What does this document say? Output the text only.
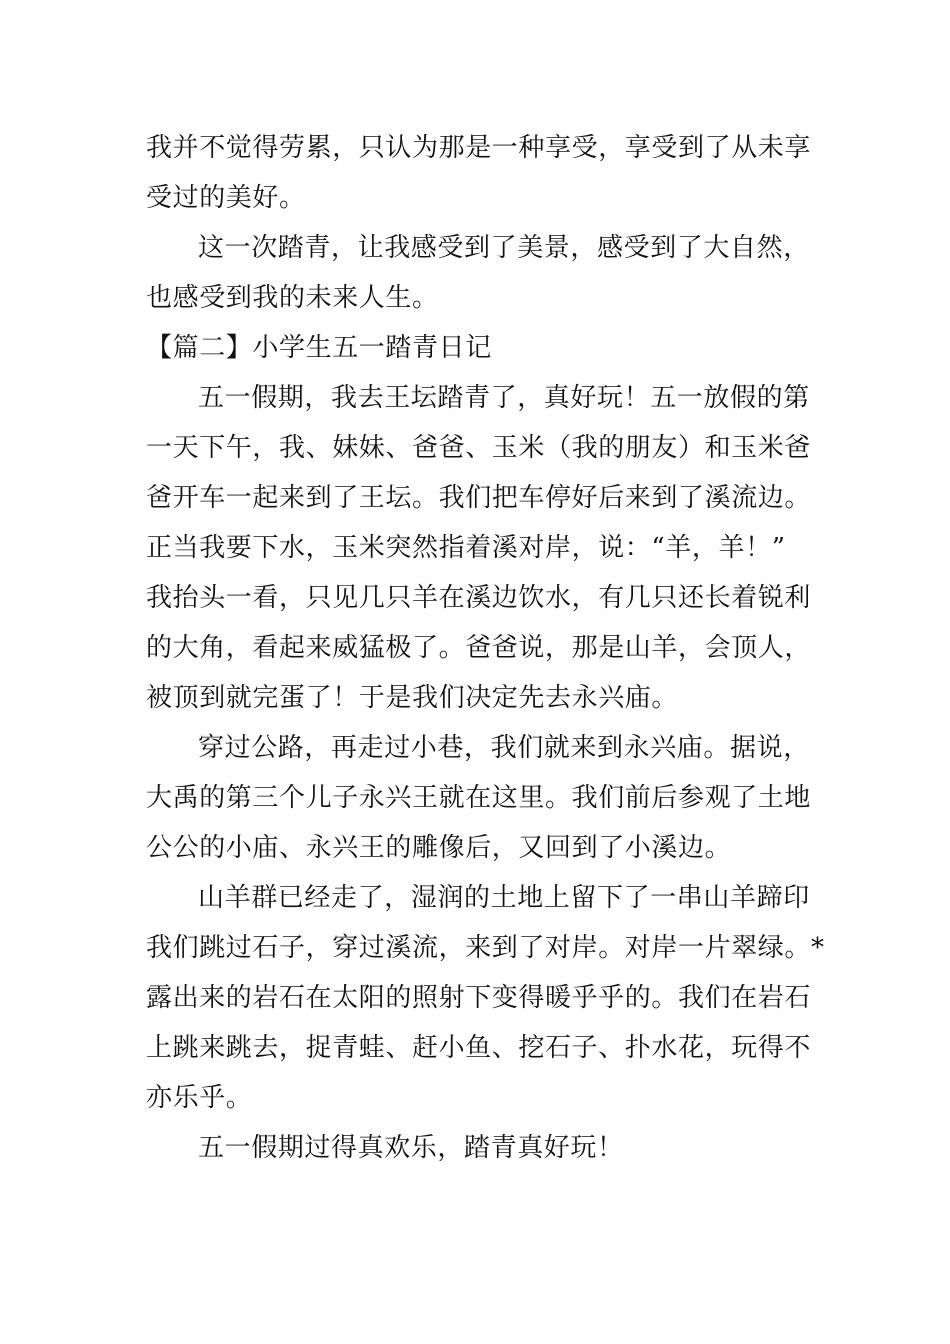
我并不觉得劳累，只认为那是一种享受，享受到了从未享
受过的美好。
这一次踏青，让我感受到了美景，感受到了大自然，
也感受到我的未来人生。
【篇二】小学生五一踏青日记
五一假期，我去王坛踏青了，真好玩！五一放假的第
一天下午，我、妹妹、爸爸、玉米（我的朋友）和玉米爸
爸开车一起来到了王坛。我们把车停好后来到了溪流边。
正当我要下水，玉米突然指着溪对岸，说：“羊，羊！”
我抬头一看，只见几只羊在溪边饮水，有几只还长着锐利
的大角，看起来威猛极了。爸爸说，那是山羊，会顶人，
被顶到就完蛋了！于是我们决定先去永兴庙。
穿过公路，再走过小巷，我们就来到永兴庙。据说，
大禹的第三个儿子永兴王就在这里。我们前后参观了土地
公公的小庙、永兴王的雕像后，又回到了小溪边。
山羊群已经走了，湿润的土地上留下了一串山羊蹄印
我们跳过石子，穿过溪流，来到了对岸。对岸一片翠绿。*
露出来的岩石在太阳的照射下变得暖乎乎的。我们在岩石
上跳来跳去，捉青蛙、赶小鱼、挖石子、扑水花，玩得不
亦乐乎。
五一假期过得真欢乐，踏青真好玩！
